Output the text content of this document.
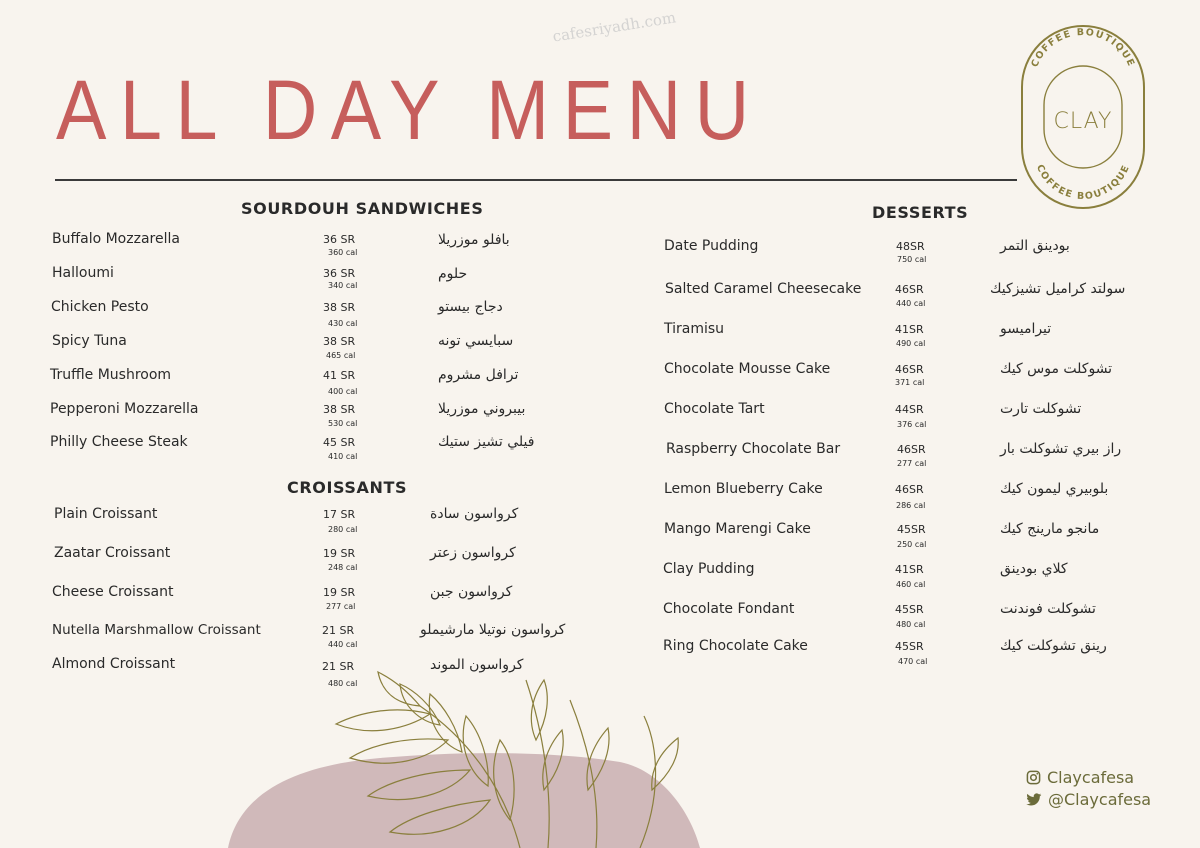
cafesriyadh.com
ALL DAY MENU
COFFEE BOUTIQUE
COFFEE BOUTIQUE
CLAY
SOURDOUH SANDWICHES
Buffalo Mozzarella	36 SR
360 cal
بافلو موزريلا
Halloumi	36 SR
340 cal
حلوم
Chicken Pesto	38 SR
430 cal
دجاج بيستو
Spicy Tuna	38 SR
465 cal
سبايسي تونه
Truffle Mushroom	41 SR
400 cal
ترافل مشروم
Pepperoni Mozzarella	38 SR
530 cal
بيبروني موزريلا
Philly Cheese Steak	45 SR
410 cal
فيلي تشيز ستيك
CROISSANTS
Plain Croissant	17 SR
280 cal
كرواسون سادة
Zaatar Croissant	19 SR
248 cal
كرواسون زعتر
Cheese Croissant	19 SR
277 cal
كرواسون جبن
Nutella Marshmallow Croissant	21 SR
440 cal
كرواسون نوتيلا مارشيملو
Almond Croissant	21 SR
480 cal
كرواسون الموند
DESSERTS
Date Pudding	48SR
750 cal
بودينق التمر
Salted Caramel Cheesecake	46SR
440 cal
سولتد كراميل تشيزكيك
Tiramisu	41SR
490 cal
تيراميسو
Chocolate Mousse Cake	46SR
371 cal
تشوكلت موس كيك
Chocolate Tart	44SR
376 cal
تشوكلت تارت
Raspberry Chocolate Bar	46SR
277 cal
راز بيري تشوكلت بار
Lemon Blueberry Cake	46SR
286 cal
بلوبيري ليمون كيك
Mango Marengi Cake	45SR
250 cal
مانجو مارينج كيك
Clay Pudding	41SR
460 cal
كلاي بودينق
Chocolate Fondant	45SR
480 cal
تشوكلت فوندنت
Ring Chocolate Cake	45SR
470 cal
رينق تشوكلت كيك
Claycafesa
@Claycafesa
